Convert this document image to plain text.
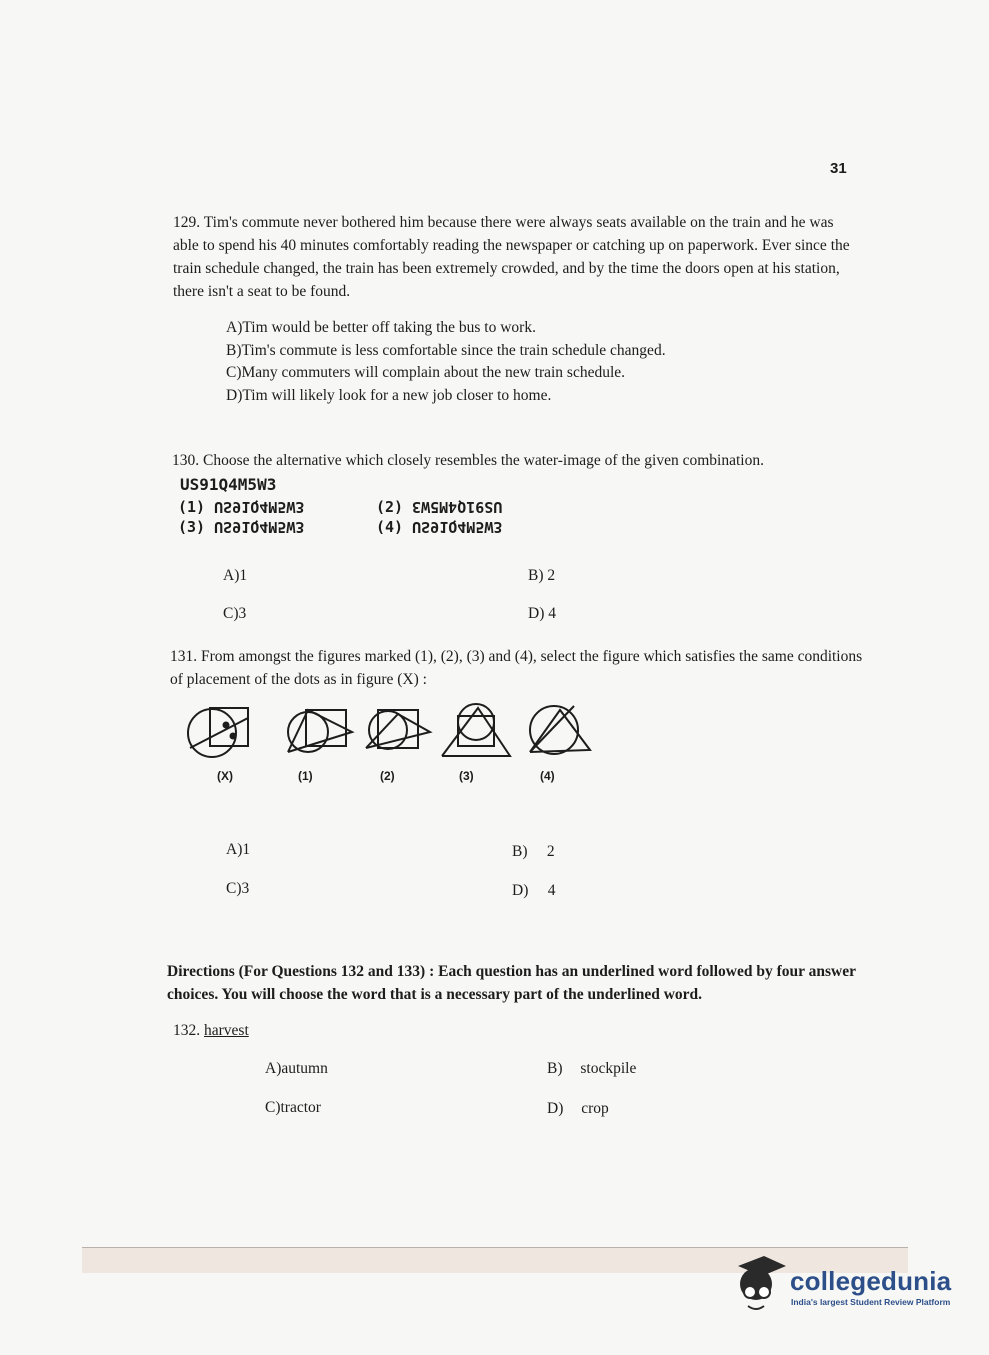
31
129. Tim's commute never bothered him because there were always seats available on the train and he was able to spend his 40 minutes comfortably reading the newspaper or catching up on paperwork. Ever since the train schedule changed, the train has been extremely crowded, and by the time the doors open at his station, there isn't a seat to be found.
A)Tim would be better off taking the bus to work.
B)Tim's commute is less comfortable since the train schedule changed.
C)Many commuters will complain about the new train schedule.
D)Tim will likely look for a new job closer to home.
130. Choose the alternative which closely resembles the water-image of the given combination.
US91Q4M5W3
(1) US91Q4M5W3	(2) US91Q4M5W3
(3) US91Q4M5W3	(4) US91Q4M5W3
A)1	B) 2
C)3	D) 4
131. From amongst the figures marked (1), (2), (3) and (4), select the figure which satisfies the same conditions of placement of the dots as in figure (X) :
(X)	(1)	(2)	(3)	(4)
A)1	B)     2
C)3	D)     4
Directions (For Questions 132 and 133) : Each question has an underlined word followed by four answer choices. You will choose the word that is a necessary part of the underlined word.
132. harvest
A)autumn	B) stockpile
C)tractor	D) crop
collegedunia
India's largest Student Review Platform
